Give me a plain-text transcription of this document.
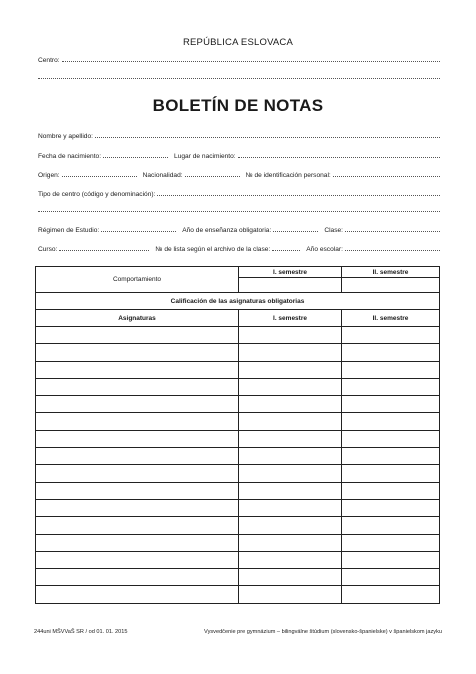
REPÚBLICA ESLOVACA
Centro:
BOLETÍN DE NOTAS
Nombre y apellido:
Fecha de nacimiento:	Lugar de nacimiento:
Origen:	Nacionalidad:	№ de identificación personal:
Tipo de centro (código y denominación):
Régimen de Estudio:	Año de enseñanza obligatoria:	Clase:
Curso:	№ de lista según el archivo de la clase:	Año escolar:
Comportamiento	I. semestre	II. semestre

Calificación de las asignaturas obligatorias		
Asignaturas	I. semestre	II. semestre

244uni MŠVVaŠ SR / od 01. 01. 2015	Vysvedčenie pre gymnázium – bilingválne štúdium (slovensko-španielske) v španielskom jazyku
